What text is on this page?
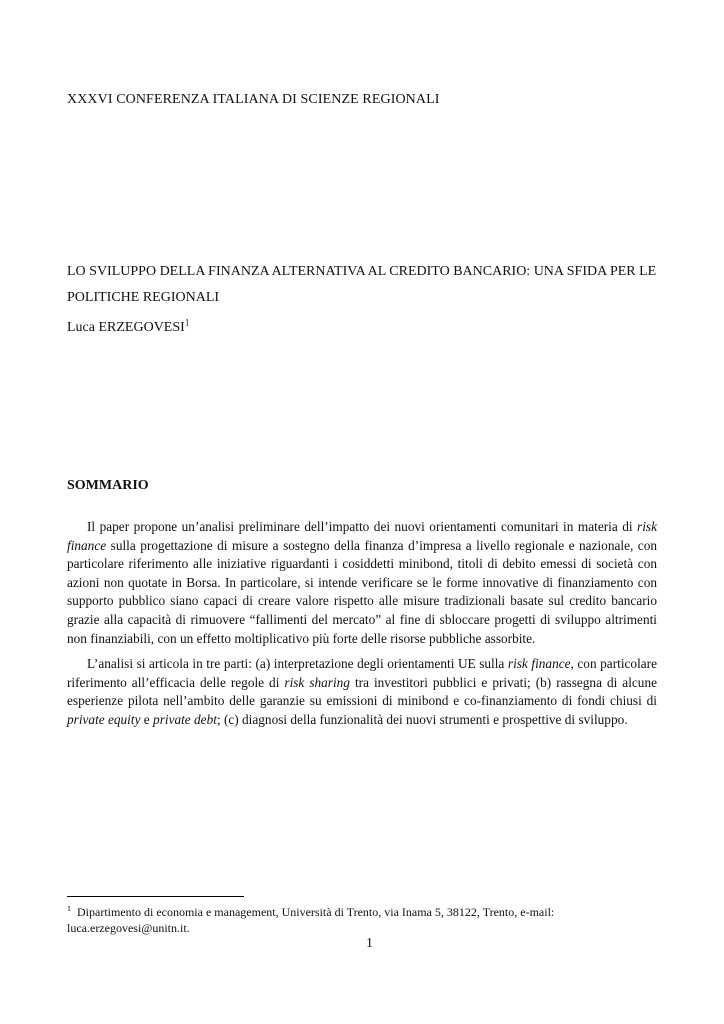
XXXVI CONFERENZA ITALIANA DI SCIENZE REGIONALI
LO SVILUPPO DELLA FINANZA ALTERNATIVA AL CREDITO BANCARIO: UNA SFIDA PER LE POLITICHE REGIONALI
Luca ERZEGOVESI$^1$
SOMMARIO

Il paper propone un’analisi preliminare dell’impatto dei nuovi orientamenti comunitari in materia di risk finance sulla progettazione di misure a sostegno della finanza d’impresa a livello regionale e nazionale, con particolare riferimento alle iniziative riguardanti i cosiddetti minibond, titoli di debito emessi di società con azioni non quotate in Borsa. In particolare, si intende verificare se le forme innovative di finanziamento con supporto pubblico siano capaci di creare valore rispetto alle misure tradizionali basate sul credito bancario grazie alla capacità di rimuovere “fallimenti del mercato” al fine di sbloccare progetti di sviluppo altrimenti non finanziabili, con un effetto moltiplicativo più forte delle risorse pubbliche assorbite.

L’analisi si articola in tre parti: (a) interpretazione degli orientamenti UE sulla risk finance, con particolare riferimento all’efficacia delle regole di risk sharing tra investitori pubblici e privati; (b) rassegna di alcune esperienze pilota nell’ambito delle garanzie su emissioni di minibond e co-finanziamento di fondi chiusi di private equity e private debt; (c) diagnosi della funzionalità dei nuovi strumenti e prospettive di sviluppo.

$^1$ Dipartimento di economia e management, Università di Trento, via Inama 5, 38122, Trento, e-mail: luca.erzegovesi@unitn.it.
1
